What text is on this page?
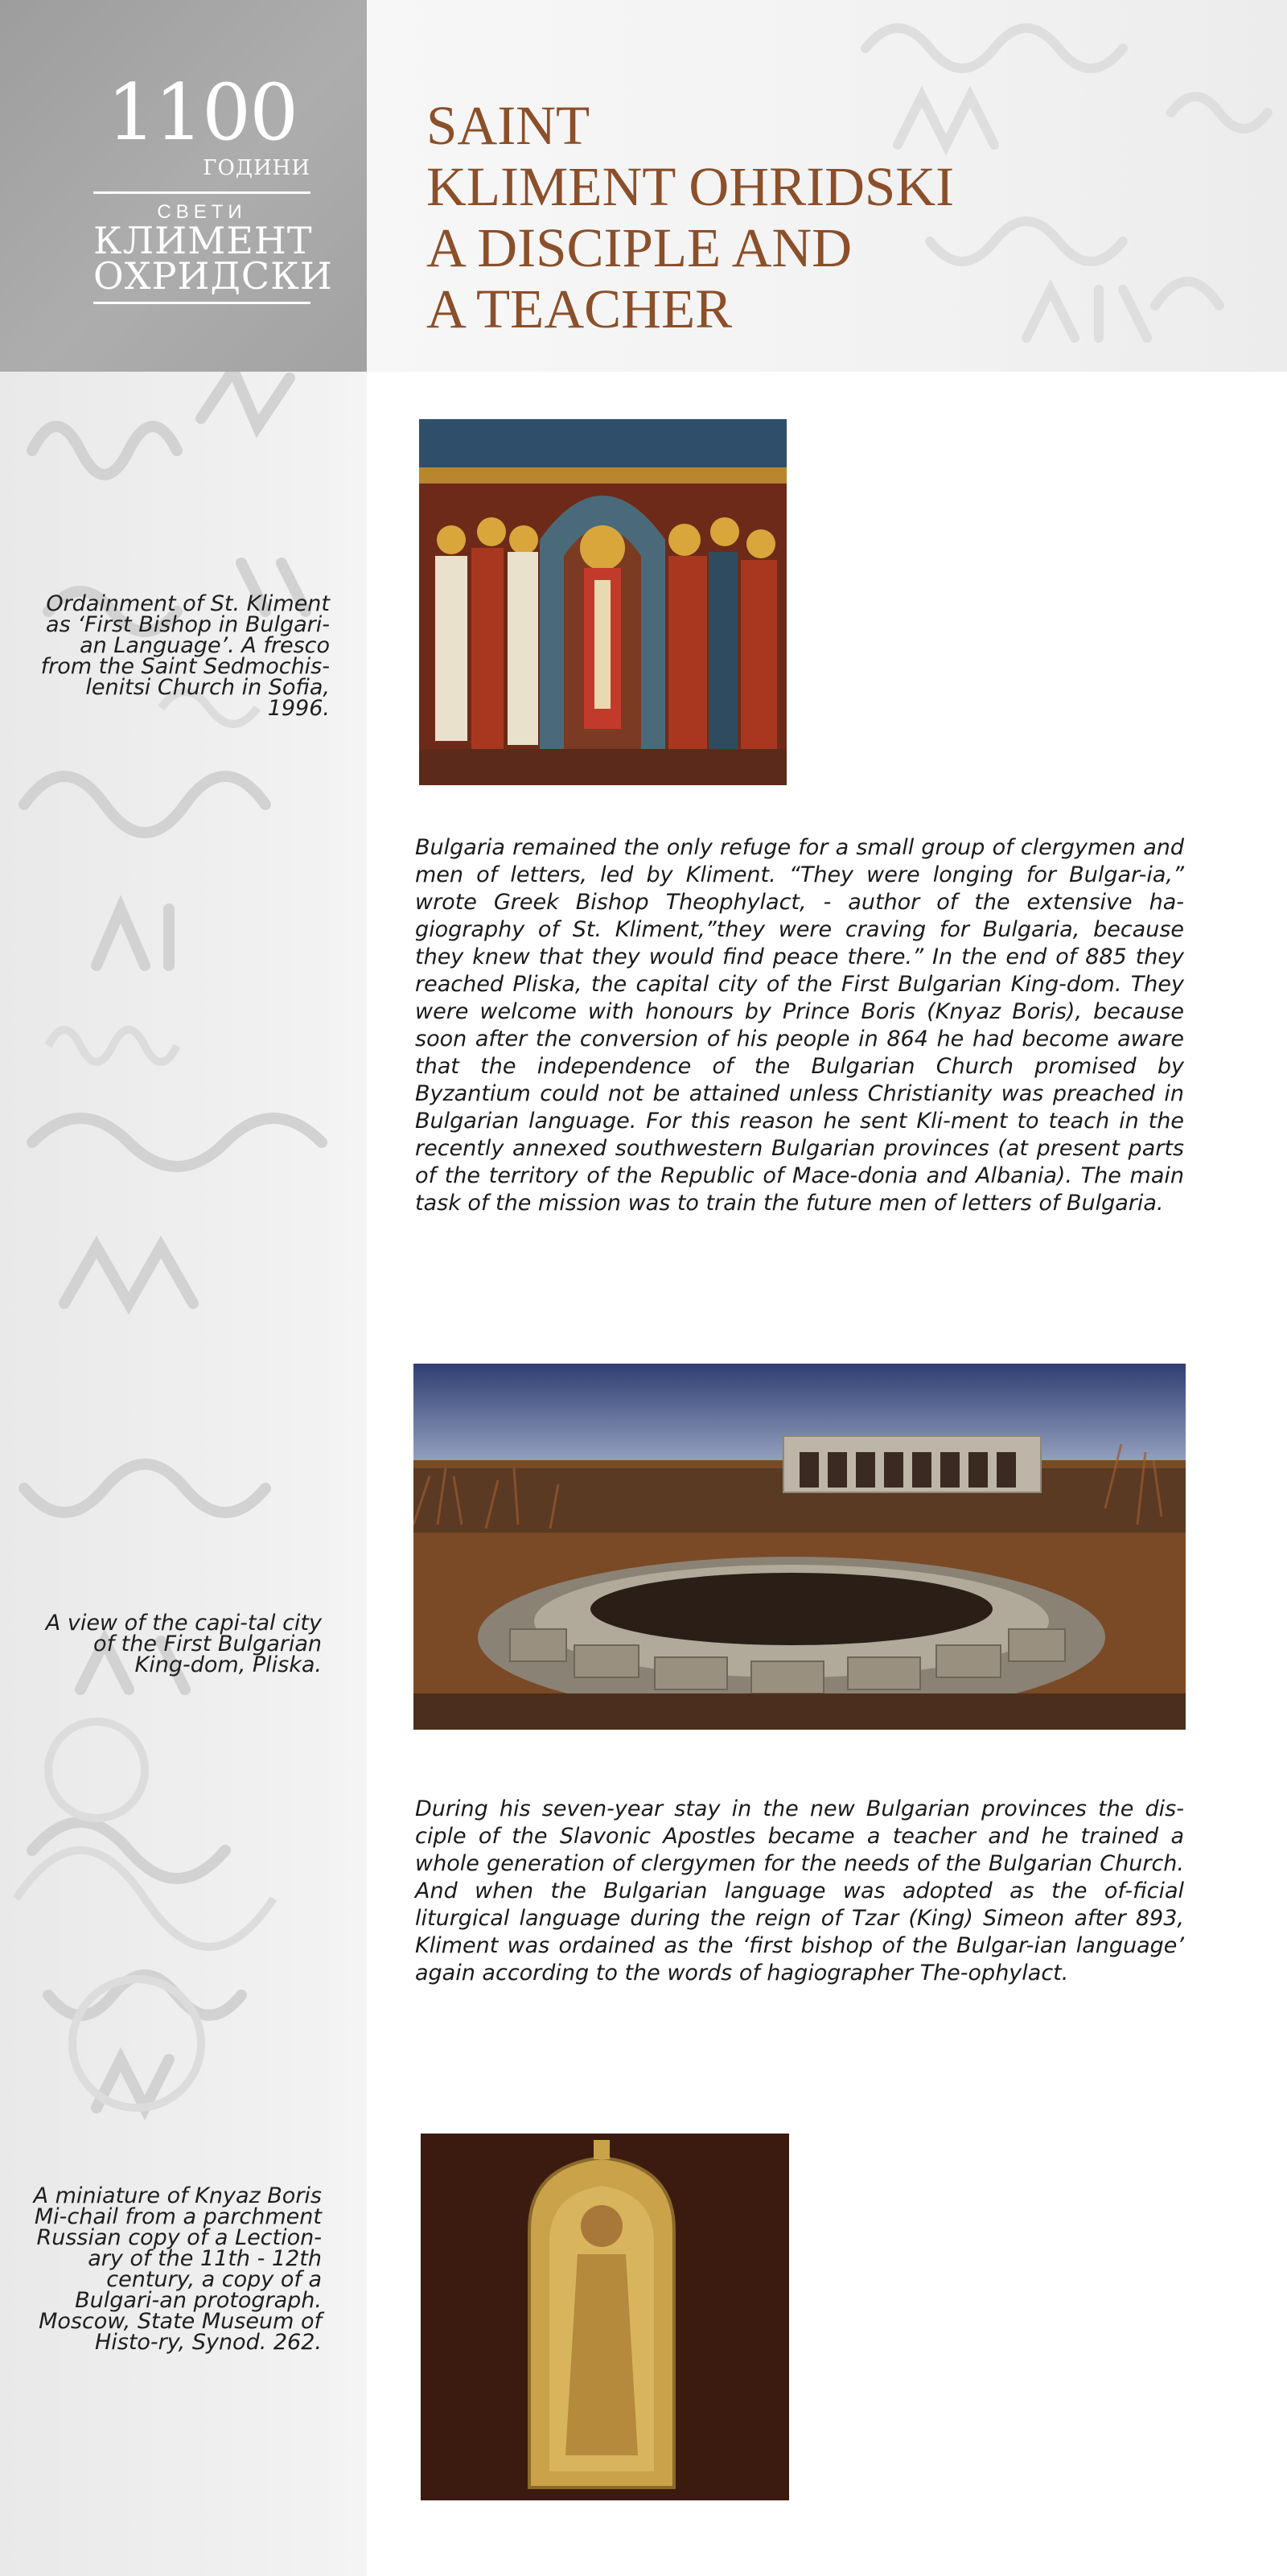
1100
ГОДИНИ
СВЕТИ
КЛИМЕНТ
ОХРИДСКИ
SAINT
KLIMENT OHRIDSKI
A DISCIPLE AND
A TEACHER

Ordainment of St. Kliment as ‘First Bishop in Bulgari-an Language’. A fresco from the Saint Sedmochis-lenitsi Church in Sofia, 1996.

Bulgaria remained the only refuge for a small group of clergymen and men of letters, led by Kliment. “They were longing for Bulgar-ia,” wrote Greek Bishop Theophylact, - author of the extensive ha-giography of St. Kliment,”they were craving for Bulgaria, because they knew that they would find peace there.” In the end of 885 they reached Pliska, the capital city of the First Bulgarian King-dom. They were welcome with honours by Prince Boris (Knyaz Boris), because soon after the conversion of his people in 864 he had become aware that the independence of the Bulgarian Church promised by Byzantium could not be attained unless Christianity was preached in Bulgarian language. For this reason he sent Kli-ment to teach in the recently annexed southwestern Bulgarian provinces (at present parts of the territory of the Republic of Mace-donia and Albania). The main task of the mission was to train the future men of letters of Bulgaria.

A view of the capi-tal city of the First Bulgarian King-dom, Pliska.

During his seven-year stay in the new Bulgarian provinces the dis-ciple of the Slavonic Apostles became a teacher and he trained a whole generation of clergymen for the needs of the Bulgarian Church. And when the Bulgarian language was adopted as the of-ficial liturgical language during the reign of Tzar (King) Simeon after 893, Kliment was ordained as the ‘first bishop of the Bulgar-ian language’ again according to the words of hagiographer The-ophylact.

A miniature of Knyaz Boris Mi-chail from a parchment Russian copy of a Lection-ary of the 11th - 12th century, a copy of a Bulgari-an protograph. Moscow, State Museum of Histo-ry, Synod. 262.
